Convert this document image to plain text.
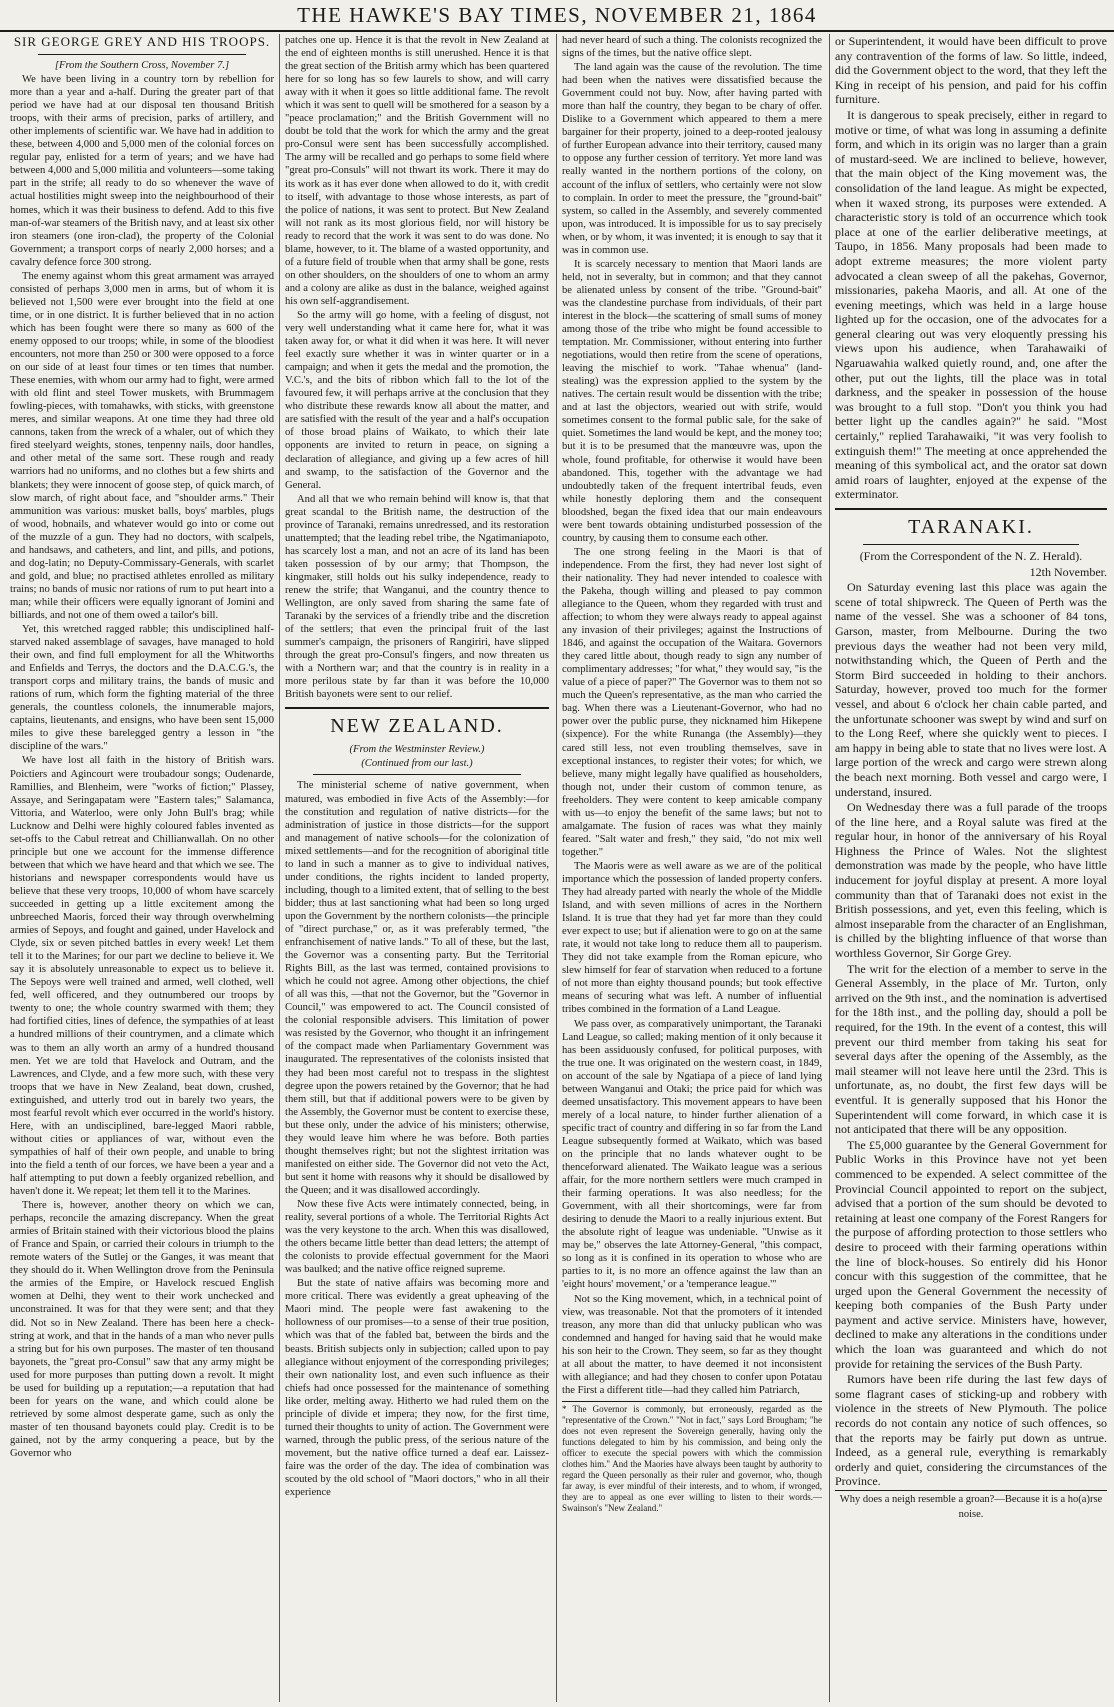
THE HAWKE'S BAY TIMES, NOVEMBER 21, 1864
SIR GEORGE GREY AND HIS TROOPS.

[From the Southern Cross, November 7.]

We have been living in a country torn by rebellion for more than a year and a-half. During the greater part of that period we have had at our disposal ten thousand British troops, with their arms of precision, parks of artillery, and other implements of scientific war. We have had in addition to these, between 4,000 and 5,000 men of the colonial forces on regular pay, enlisted for a term of years; and we have had between 4,000 and 5,000 militia and volunteers—some taking part in the strife; all ready to do so whenever the wave of actual hostilities might sweep into the neighbourhood of their homes, which it was their business to defend. Add to this five man-of-war steamers of the British navy, and at least six other iron steamers (one iron-clad), the property of the Colonial Government; a transport corps of nearly 2,000 horses; and a cavalry defence force 300 strong.

The enemy against whom this great armament was arrayed consisted of perhaps 3,000 men in arms, but of whom it is believed not 1,500 were ever brought into the field at one time, or in one district. It is further believed that in no action which has been fought were there so many as 600 of the enemy opposed to our troops; while, in some of the bloodiest encounters, not more than 250 or 300 were opposed to a force on our side of at least four times or ten times that number. These enemies, with whom our army had to fight, were armed with old flint and steel Tower muskets, with Brummagem fowling-pieces, with tomahawks, with sticks, with greenstone meres, and similar weapons. At one time they had three old cannons, taken from the wreck of a whaler, out of which they fired steelyard weights, stones, tenpenny nails, door handles, and other metal of the same sort. These rough and ready warriors had no uniforms, and no clothes but a few shirts and blankets; they were innocent of goose step, of quick march, of slow march, of right about face, and "shoulder arms." Their ammunition was various: musket balls, boys' marbles, plugs of wood, hobnails, and whatever would go into or come out of the muzzle of a gun. They had no doctors, with scalpels, and handsaws, and catheters, and lint, and pills, and potions, and dog-latin; no Deputy-Commissary-Generals, with scarlet and gold, and blue; no practised athletes enrolled as military trains; no bands of music nor rations of rum to put heart into a man; while their officers were equally ignorant of Jomini and billiards, and not one of them owed a tailor's bill.

Yet, this wretched ragged rabble; this undisciplined half-starved naked assemblage of savages, have managed to hold their own, and find full employment for all the Whitworths and Enfields and Terrys, the doctors and the D.A.C.G.'s, the transport corps and military trains, the bands of music and rations of rum, which form the fighting material of the three generals, the countless colonels, the innumerable majors, captains, lieutenants, and ensigns, who have been sent 15,000 miles to give these barelegged gentry a lesson in "the discipline of the wars."

We have lost all faith in the history of British wars. Poictiers and Agincourt were troubadour songs; Oudenarde, Ramillies, and Blenheim, were "works of fiction;" Plassey, Assaye, and Seringapatam were "Eastern tales;" Salamanca, Vittoria, and Waterloo, were only John Bull's brag; while Lucknow and Delhi were highly coloured fables invented as set-offs to the Cabul retreat and Chillianwallah. On no other principle but one we account for the immense difference between that which we have heard and that which we see. The historians and newspaper correspondents would have us believe that these very troops, 10,000 of whom have scarcely succeeded in getting up a little excitement among the unbreeched Maoris, forced their way through overwhelming armies of Sepoys, and fought and gained, under Havelock and Clyde, six or seven pitched battles in every week! Let them tell it to the Marines; for our part we decline to believe it. We say it is absolutely unreasonable to expect us to believe it. The Sepoys were well trained and armed, well clothed, well fed, well officered, and they outnumbered our troops by twenty to one; the whole country swarmed with them; they had fortified cities, lines of defence, the sympathies of at least a hundred millions of their countrymen, and a climate which was to them an ally worth an army of a hundred thousand men. Yet we are told that Havelock and Outram, and the Lawrences, and Clyde, and a few more such, with these very troops that we have in New Zealand, beat down, crushed, extinguished, and utterly trod out in barely two years, the most fearful revolt which ever occurred in the world's history. Here, with an undisciplined, bare-legged Maori rabble, without cities or appliances of war, without even the sympathies of half of their own people, and unable to bring into the field a tenth of our forces, we have been a year and a half attempting to put down a feebly organized rebellion, and haven't done it. We repeat; let them tell it to the Marines.

There is, however, another theory on which we can, perhaps, reconcile the amazing discrepancy. When the great armies of Britain stained with their victorious blood the plains of France and Spain, or carried their colours in triumph to the remote waters of the Sutlej or the Ganges, it was meant that they should do it. When Wellington drove from the Peninsula the armies of the Empire, or Havelock rescued English women at Delhi, they went to their work unchecked and unconstrained. It was for that they were sent; and that they did. Not so in New Zealand. There has been here a check-string at work, and that in the hands of a man who never pulls a string but for his own purposes. The master of ten thousand bayonets, the "great pro-Consul" saw that any army might be used for more purposes than putting down a revolt. It might be used for building up a reputation;—a reputation that had been for years on the wane, and which could alone be retrieved by some almost desperate game, such as only the master of ten thousand bayonets could play. Credit is to be gained, not by the army conquering a peace, but by the Governor who

patches one up. Hence it is that the revolt in New Zealand at the end of eighteen months is still unerushed. Hence it is that the great section of the British army which has been quartered here for so long has so few laurels to show, and will carry away with it when it goes so little additional fame. The revolt which it was sent to quell will be smothered for a season by a "peace proclamation;" and the British Government will no doubt be told that the work for which the army and the great pro-Consul were sent has been successfully accomplished. The army will be recalled and go perhaps to some field where "great pro-Consuls" will not thwart its work. There it may do its work as it has ever done when allowed to do it, with credit to itself, with advantage to those whose interests, as part of the police of nations, it was sent to protect. But New Zealand will not rank as its most glorious field, nor will history be ready to record that the work it was sent to do was done. No blame, however, to it. The blame of a wasted opportunity, and of a future field of trouble when that army shall be gone, rests on other shoulders, on the shoulders of one to whom an army and a colony are alike as dust in the balance, weighed against his own self-aggrandisement.

So the army will go home, with a feeling of disgust, not very well understanding what it came here for, what it was taken away for, or what it did when it was here. It will never feel exactly sure whether it was in winter quarter or in a campaign; and when it gets the medal and the promotion, the V.C.'s, and the bits of ribbon which fall to the lot of the favoured few, it will perhaps arrive at the conclusion that they who distribute these rewards know all about the matter, and are satisfied with the result of the year and a half's occupation of those broad plains of Waikato, to which their late opponents are invited to return in peace, on signing a declaration of allegiance, and giving up a few acres of hill and swamp, to the satisfaction of the Governor and the General.

And all that we who remain behind will know is, that that great scandal to the British name, the destruction of the province of Taranaki, remains unredressed, and its restoration unattempted; that the leading rebel tribe, the Ngatimaniapoto, has scarcely lost a man, and not an acre of its land has been taken possession of by our army; that Thompson, the kingmaker, still holds out his sulky independence, ready to renew the strife; that Wanganui, and the country thence to Wellington, are only saved from sharing the same fate of Taranaki by the services of a friendly tribe and the discretion of the settlers; that even the principal fruit of the last summer's campaign, the prisoners of Rangiriri, have slipped through the great pro-Consul's fingers, and now threaten us with a Northern war; and that the country is in reality in a more perilous state by far than it was before the 10,000 British bayonets were sent to our relief.

NEW ZEALAND.

(From the Westminster Review.)

(Continued from our last.)

The ministerial scheme of native government, when matured, was embodied in five Acts of the Assembly:—for the constitution and regulation of native districts—for the administration of justice in those districts—for the support and management of native schools—for the colonization of mixed settlements—and for the recognition of aboriginal title to land in such a manner as to give to individual natives, under conditions, the rights incident to landed property, including, though to a limited extent, that of selling to the best bidder; thus at last sanctioning what had been so long urged upon the Government by the northern colonists—the principle of "direct purchase," or, as it was preferably termed, "the enfranchisement of native lands." To all of these, but the last, the Governor was a consenting party. But the Territorial Rights Bill, as the last was termed, contained provisions to which he could not agree. Among other objections, the chief of all was this, —that not the Governor, but the "Governor in Council," was empowered to act. The Council consisted of the colonial responsible advisers. This limitation of power was resisted by the Governor, who thought it an infringement of the compact made when Parliamentary Government was inaugurated. The representatives of the colonists insisted that they had been most careful not to trespass in the slightest degree upon the powers retained by the Governor; that he had them still, but that if additional powers were to be given by the Assembly, the Governor must be content to exercise these, but these only, under the advice of his ministers; otherwise, they would leave him where he was before. Both parties thought themselves right; but not the slightest irritation was manifested on either side. The Governor did not veto the Act, but sent it home with reasons why it should be disallowed by the Queen; and it was disallowed accordingly.

Now these five Acts were intimately connected, being, in reality, several portions of a whole. The Territorial Rights Act was the very keystone to the arch. When this was disallowed, the others became little better than dead letters; the attempt of the colonists to provide effectual government for the Maori was baulked; and the native office reigned supreme.

But the state of native affairs was becoming more and more critical. There was evidently a great upheaving of the Maori mind. The people were fast awakening to the hollowness of our promises—to a sense of their true position, which was that of the fabled bat, between the birds and the beasts. British subjects only in subjection; called upon to pay allegiance without enjoyment of the corresponding privileges; their own nationality lost, and even such influence as their chiefs had once possessed for the maintenance of something like order, melting away. Hitherto we had ruled them on the principle of divide et impera; they now, for the first time, turned their thoughts to unity of action. The Government were warned, through the public press, of the serious nature of the movement, but the native office turned a deaf ear. Laissez-faire was the order of the day. The idea of combination was scouted by the old school of "Maori doctors," who in all their experience

had never heard of such a thing. The colonists recognized the signs of the times, but the native office slept.

The land again was the cause of the revolution. The time had been when the natives were dissatisfied because the Government could not buy. Now, after having parted with more than half the country, they began to be chary of offer. Dislike to a Government which appeared to them a mere bargainer for their property, joined to a deep-rooted jealousy of further European advance into their territory, caused many to oppose any further cession of territory. Yet more land was really wanted in the northern portions of the colony, on account of the influx of settlers, who certainly were not slow to complain. In order to meet the pressure, the "ground-bait" system, so called in the Assembly, and severely commented upon, was introduced. It is impossible for us to say precisely when, or by whom, it was invented; it is enough to say that it was in common use.

It is scarcely necessary to mention that Maori lands are held, not in severalty, but in common; and that they cannot be alienated unless by consent of the tribe. "Ground-bait" was the clandestine purchase from individuals, of their part interest in the block—the scattering of small sums of money among those of the tribe who might be found accessible to temptation. Mr. Commissioner, without entering into further negotiations, would then retire from the scene of operations, leaving the mischief to work. "Tahae whenua" (land-stealing) was the expression applied to the system by the natives. The certain result would be dissention with the tribe; and at last the objectors, wearied out with strife, would sometimes consent to the formal public sale, for the sake of quiet. Sometimes the land would be kept, and the money too; but it is to be presumed that the manœuvre was, upon the whole, found profitable, for otherwise it would have been abandoned. This, together with the advantage we had undoubtedly taken of the frequent intertribal feuds, even while honestly deploring them and the consequent bloodshed, began the fixed idea that our main endeavours were bent towards obtaining undisturbed possession of the country, by causing them to consume each other.

The one strong feeling in the Maori is that of independence. From the first, they had never lost sight of their nationality. They had never intended to coalesce with the Pakeha, though willing and pleased to pay common allegiance to the Queen, whom they regarded with trust and affection; to whom they were always ready to appeal against any invasion of their privileges; against the Instructions of 1846, and against the occupation of the Waitara. Governors they cared little about, though ready to sign any number of complimentary addresses; "for what," they would say, "is the value of a piece of paper?" The Governor was to them not so much the Queen's representative, as the man who carried the bag. When there was a Lieutenant-Governor, who had no power over the public purse, they nicknamed him Hikepene (sixpence). For the white Runanga (the Assembly)—they cared still less, not even troubling themselves, save in exceptional instances, to register their votes; for which, we believe, many might legally have qualified as householders, though not, under their custom of common tenure, as freeholders. They were content to keep amicable company with us—to enjoy the benefit of the same laws; but not to amalgamate. The fusion of races was what they mainly feared. "Salt water and fresh," they said, "do not mix well together."

The Maoris were as well aware as we are of the political importance which the possession of landed property confers. They had already parted with nearly the whole of the Middle Island, and with seven millions of acres in the Northern Island. It is true that they had yet far more than they could ever expect to use; but if alienation were to go on at the same rate, it would not take long to reduce them all to pauperism. They did not take example from the Roman epicure, who slew himself for fear of starvation when reduced to a fortune of not more than eighty thousand pounds; but took effective means of securing what was left. A number of influential tribes combined in the formation of a Land League.

We pass over, as comparatively unimportant, the Taranaki Land League, so called; making mention of it only because it has been assiduously confused, for political purposes, with the true one. It was originated on the western coast, in 1849, on account of the sale by Ngatiapa of a piece of land lying between Wanganui and Otaki; the price paid for which was deemed unsatisfactory. This movement appears to have been merely of a local nature, to hinder further alienation of a specific tract of country and differing in so far from the Land League subsequently formed at Waikato, which was based on the principle that no lands whatever ought to be thenceforward alienated. The Waikato league was a serious affair, for the more northern settlers were much cramped in their farming operations. It was also needless; for the Government, with all their shortcomings, were far from desiring to denude the Maori to a really injurious extent. But the absolute right of league was undeniable. "Unwise as it may be," observes the late Attorney-General, "this compact, so long as it is confined in its operation to whose who are parties to it, is no more an offence against the law than an 'eight hours' movement,' or a 'temperance league.'"

Not so the King movement, which, in a technical point of view, was treasonable. Not that the promoters of it intended treason, any more than did that unlucky publican who was condemned and hanged for having said that he would make his son heir to the Crown. They seem, so far as they thought at all about the matter, to have deemed it not inconsistent with allegiance; and had they chosen to confer upon Potatau the First a different title—had they called him Patriarch,

* The Governor is commonly, but erroneously, regarded as the "representative of the Crown." "Not in fact," says Lord Brougham; "he does not even represent the Sovereign generally, having only the functions delegated to him by his commission, and being only the officer to execute the special powers with which the commission clothes him." And the Maories have always been taught by authority to regard the Queen personally as their ruler and governor, who, though far away, is ever mindful of their interests, and to whom, if wronged, they are to appeal as one ever willing to listen to their words.—Swainson's "New Zealand."

or Superintendent, it would have been difficult to prove any contravention of the forms of law. So little, indeed, did the Government object to the word, that they left the King in receipt of his pension, and paid for his coffin furniture.

It is dangerous to speak precisely, either in regard to motive or time, of what was long in assuming a definite form, and which in its origin was no larger than a grain of mustard-seed. We are inclined to believe, however, that the main object of the King movement was, the consolidation of the land league. As might be expected, when it waxed strong, its purposes were extended. A characteristic story is told of an occurrence which took place at one of the earlier deliberative meetings, at Taupo, in 1856. Many proposals had been made to adopt extreme measures; the more violent party advocated a clean sweep of all the pakehas, Governor, missionaries, pakeha Maoris, and all. At one of the evening meetings, which was held in a large house lighted up for the occasion, one of the advocates for a general clearing out was very eloquently pressing his views upon his audience, when Tarahawaiki of Ngaruawahia walked quietly round, and, one after the other, put out the lights, till the place was in total darkness, and the speaker in possession of the house was brought to a full stop. "Don't you think you had better light up the candles again?" he said. "Most certainly," replied Tarahawaiki, "it was very foolish to extinguish them!" The meeting at once apprehended the meaning of this symbolical act, and the orator sat down amid roars of laughter, enjoyed at the expense of the exterminator.

TARANAKI.

(From the Correspondent of the N. Z. Herald).

12th November.

On Saturday evening last this place was again the scene of total shipwreck. The Queen of Perth was the name of the vessel. She was a schooner of 84 tons, Garson, master, from Melbourne. During the two previous days the weather had not been very mild, notwithstanding which, the Queen of Perth and the Storm Bird succeeded in holding to their anchors. Saturday, however, proved too much for the former vessel, and about 6 o'clock her chain cable parted, and the unfortunate schooner was swept by wind and surf on to the Long Reef, where she quickly went to pieces. I am happy in being able to state that no lives were lost. A large portion of the wreck and cargo were strewn along the beach next morning. Both vessel and cargo were, I understand, insured.

On Wednesday there was a full parade of the troops of the line here, and a Royal salute was fired at the regular hour, in honor of the anniversary of his Royal Highness the Prince of Wales. Not the slightest demonstration was made by the people, who have little inducement for joyful display at present. A more loyal community than that of Taranaki does not exist in the British possessions, and yet, even this feeling, which is almost inseparable from the character of an Englishman, is chilled by the blighting influence of that worse than worthless Governor, Sir Gorge Grey.

The writ for the election of a member to serve in the General Assembly, in the place of Mr. Turton, only arrived on the 9th inst., and the nomination is advertised for the 18th inst., and the polling day, should a poll be required, for the 19th. In the event of a contest, this will prevent our third member from taking his seat for several days after the opening of the Assembly, as the mail steamer will not leave here until the 23rd. This is unfortunate, as, no doubt, the first few days will be eventful. It is generally supposed that his Honor the Superintendent will come forward, in which case it is not anticipated that there will be any opposition.

The £5,000 guarantee by the General Government for Public Works in this Province have not yet been commenced to be expended. A select committee of the Provincial Council appointed to report on the subject, advised that a portion of the sum should be devoted to retaining at least one company of the Forest Rangers for the purpose of affording protection to those settlers who desire to proceed with their farming operations within the line of block-houses. So entirely did his Honor concur with this suggestion of the committee, that he urged upon the General Government the necessity of keeping both companies of the Bush Party under payment and active service. Ministers have, however, declined to make any alterations in the conditions under which the loan was guaranteed and which do not provide for retaining the services of the Bush Party.

Rumors have been rife during the last few days of some flagrant cases of sticking-up and robbery with violence in the streets of New Plymouth. The police records do not contain any notice of such offences, so that the reports may be fairly put down as untrue. Indeed, as a general rule, everything is remarkably orderly and quiet, considering the circumstances of the Province.

Why does a neigh resemble a groan?—Because it is a ho(a)rse noise.
